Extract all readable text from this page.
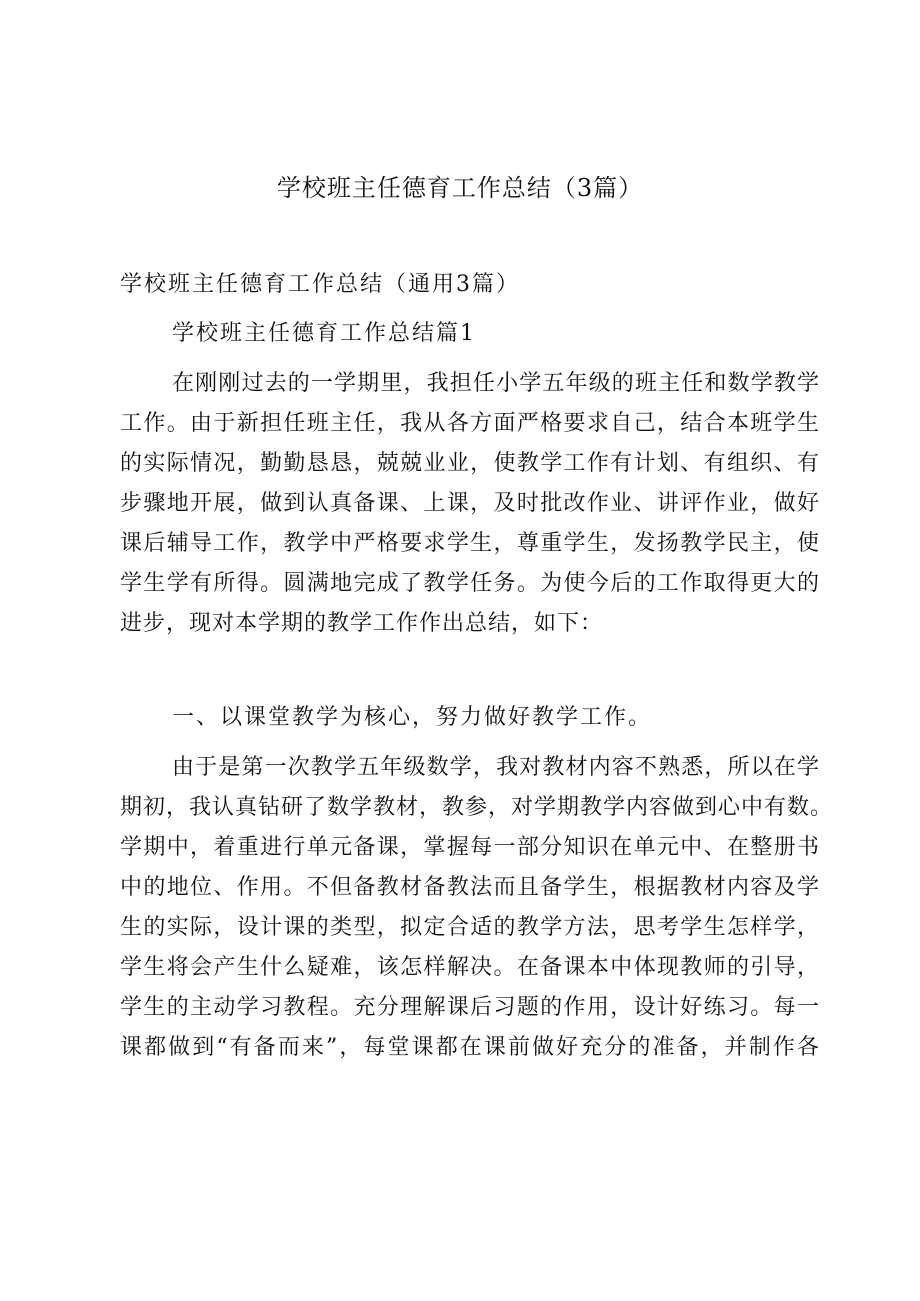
学校班主任德育工作总结（3篇）
学校班主任德育工作总结（通用3篇）
学校班主任德育工作总结篇1

在刚刚过去的一学期里，我担任小学五年级的班主任和数学教学

工作。由于新担任班主任，我从各方面严格要求自己，结合本班学生

的实际情况，勤勤恳恳，兢兢业业，使教学工作有计划、有组织、有

步骤地开展，做到认真备课、上课，及时批改作业、讲评作业，做好

课后辅导工作，教学中严格要求学生，尊重学生，发扬教学民主，使

学生学有所得。圆满地完成了教学任务。为使今后的工作取得更大的

进步，现对本学期的教学工作作出总结，如下：

一、以课堂教学为核心，努力做好教学工作。

由于是第一次教学五年级数学，我对教材内容不熟悉，所以在学

期初，我认真钻研了数学教材，教参，对学期教学内容做到心中有数。

学期中，着重进行单元备课，掌握每一部分知识在单元中、在整册书

中的地位、作用。不但备教材备教法而且备学生，根据教材内容及学

生的实际，设计课的类型，拟定合适的教学方法，思考学生怎样学，

学生将会产生什么疑难，该怎样解决。在备课本中体现教师的引导，

学生的主动学习教程。充分理解课后习题的作用，设计好练习。每一

课都做到“有备而来”，每堂课都在课前做好充分的准备，并制作各
